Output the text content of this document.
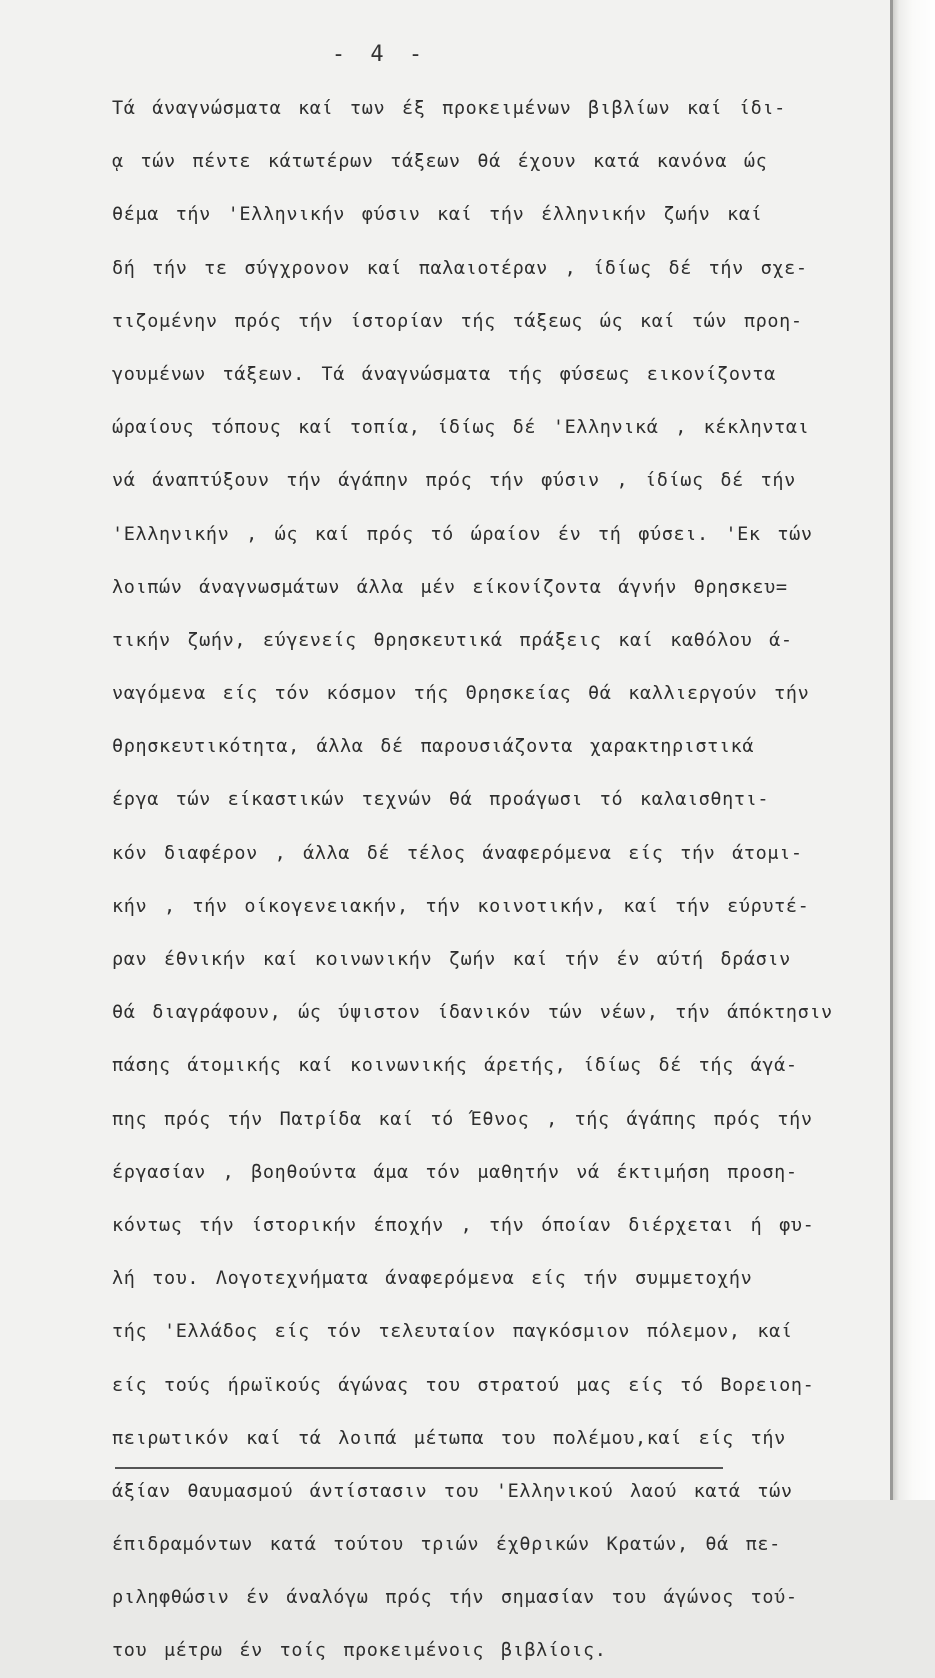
- 4 -
Τά άναγνώσματα καί των έξ προκειμένων βιβλίων καί ίδι-
ᾳ τών πέντε κάτωτέρων τάξεων θά έχουν κατά κανόνα ώς
θέμα τήν 'Ελληνικήν φύσιν καί τήν έλληνικήν ζωήν καί
δή τήν τε σύγχρονον καί παλαιοτέραν , ίδίως δέ τήν σχε-
τιζομένην πρός τήν ίστορίαν τής τάξεως ώς καί τών προη-
γουμένων τάξεων. Τά άναγνώσματα τής φύσεως εικονίζοντα
ώραίους τόπους καί τοπία, ίδίως δέ 'Ελληνικά , κέκληνται
νά άναπτύξουν τήν άγάπην πρός τήν φύσιν , ίδίως δέ τήν
'Ελληνικήν , ώς καί πρός τό ώραίον έν τή φύσει. 'Εκ τών
λοιπών άναγνωσμάτων άλλα μέν είκονίζοντα άγνήν θρησκευ=
τικήν ζωήν, εύγενείς θρησκευτικά πράξεις καί καθόλου ά-
ναγόμενα είς τόν κόσμον τής Θρησκείας θά καλλιεργούν τήν
θρησκευτικότητα, άλλα δέ παρουσιάζοντα χαρακτηριστικά
έργα τών είκαστικών τεχνών θά προάγωσι τό καλαισθητι-
κόν διαφέρον , άλλα δέ τέλος άναφερόμενα είς τήν άτομι-
κήν , τήν οίκογενειακήν, τήν κοινοτικήν, καί τήν εύρυτέ-
ραν έθνικήν καί κοινωνικήν ζωήν καί τήν έν αύτή δράσιν
θά διαγράφουν, ώς ύψιστον ίδανικόν τών νέων, τήν άπόκτησιν
πάσης άτομικής καί κοινωνικής άρετής, ίδίως δέ τής άγά-
πης πρός τήν Πατρίδα καί τό Έθνος , τής άγάπης πρός τήν
έργασίαν , βοηθούντα άμα τόν μαθητήν νά έκτιμήση προση-
κόντως τήν ίστορικήν έποχήν , τήν όποίαν διέρχεται ή φυ-
λή του. Λογοτεχνήματα άναφερόμενα είς τήν συμμετοχήν
τής 'Ελλάδος είς τόν τελευταίον παγκόσμιον πόλεμον, καί
είς τούς ήρωϊκούς άγώνας του στρατού μας είς τό Βορειοη-
πειρωτικόν καί τά λοιπά μέτωπα του πολέμου,καί είς τήν
άξίαν θαυμασμού άντίστασιν του 'Ελληνικού λαού κατά τών
έπιδραμόντων κατά τούτου τριών έχθρικών Κρατών, θά πε-
ριληφθώσιν έν άναλόγω πρός τήν σημασίαν του άγώνος τού-
του μέτρω έν τοίς προκειμένοις βιβλίοις.
